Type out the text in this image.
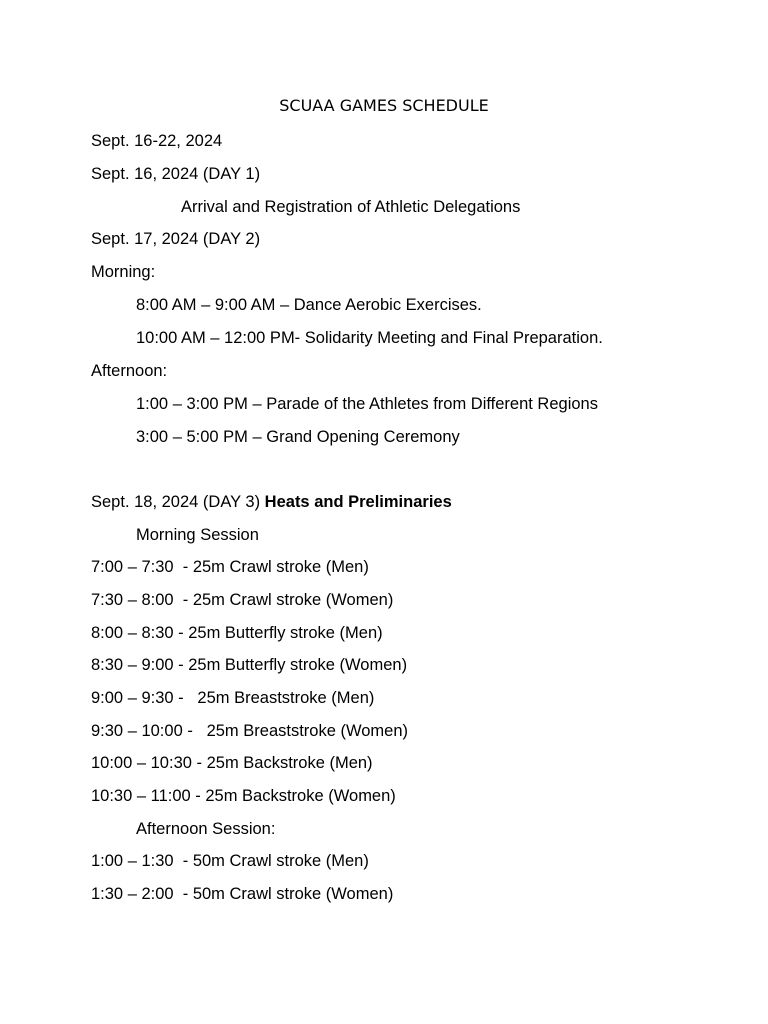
SCUAA GAMES SCHEDULE
Sept. 16-22, 2024
Sept. 16, 2024 (DAY 1)
Arrival and Registration of Athletic Delegations
Sept. 17, 2024 (DAY 2)
Morning:
8:00 AM – 9:00 AM – Dance Aerobic Exercises.
10:00 AM – 12:00 PM- Solidarity Meeting and Final Preparation.
Afternoon:
1:00 – 3:00 PM – Parade of the Athletes from Different Regions
3:00 – 5:00 PM – Grand Opening Ceremony
Sept. 18, 2024 (DAY 3) Heats and Preliminaries
Morning Session
7:00 – 7:30  - 25m Crawl stroke (Men)
7:30 – 8:00  - 25m Crawl stroke (Women)
8:00 – 8:30 - 25m Butterfly stroke (Men)
8:30 – 9:00 - 25m Butterfly stroke (Women)
9:00 – 9:30 -   25m Breaststroke (Men)
9:30 – 10:00 -   25m Breaststroke (Women)
10:00 – 10:30 - 25m Backstroke (Men)
10:30 – 11:00 - 25m Backstroke (Women)
Afternoon Session:
1:00 – 1:30  - 50m Crawl stroke (Men)
1:30 – 2:00  - 50m Crawl stroke (Women)
